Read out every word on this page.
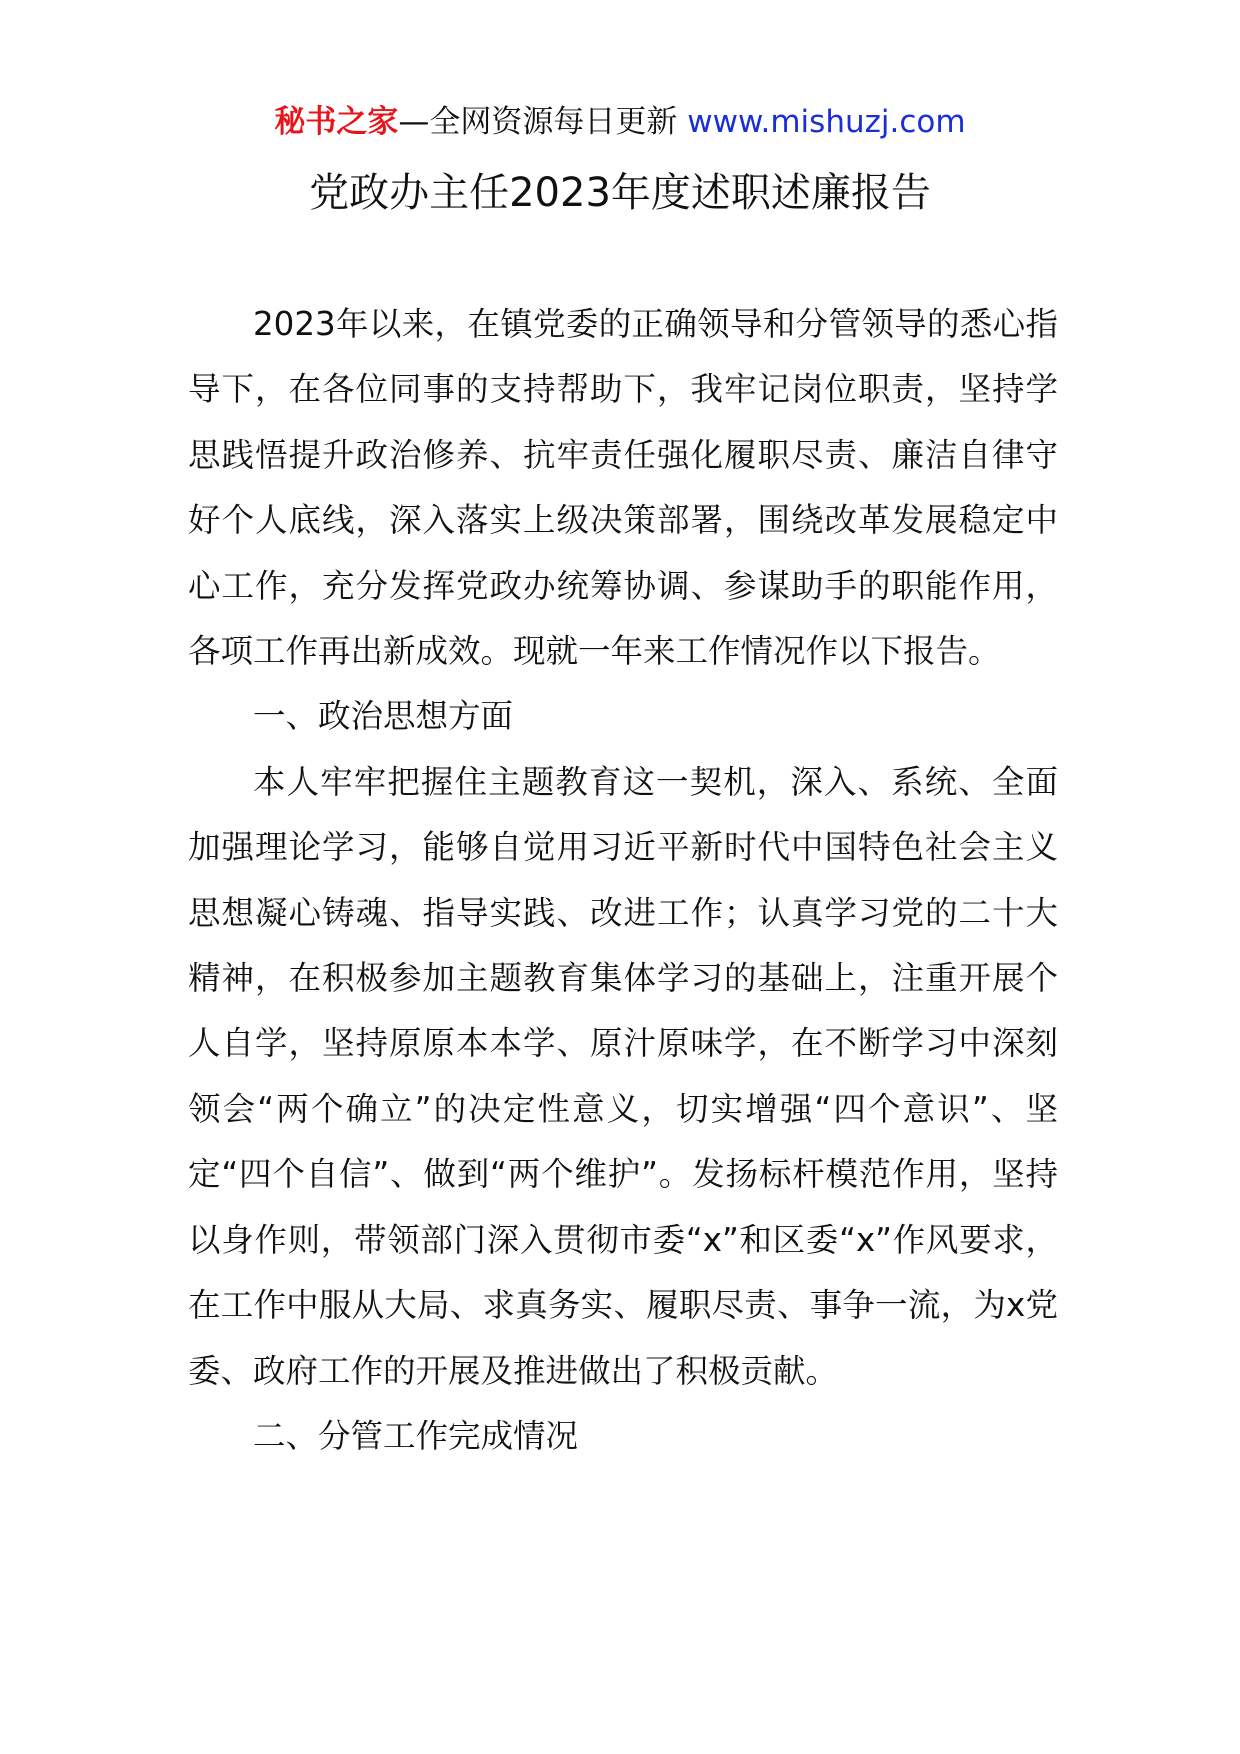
秘书之家—全网资源每日更新 www.mishuzj.com
党政办主任2023年度述职述廉报告

2023年以来，在镇党委的正确领导和分管领导的悉心指导下，在各位同事的支持帮助下，我牢记岗位职责，坚持学思践悟提升政治修养、抗牢责任强化履职尽责、廉洁自律守好个人底线，深入落实上级决策部署，围绕改革发展稳定中心工作，充分发挥党政办统筹协调、参谋助手的职能作用，各项工作再出新成效。现就一年来工作情况作以下报告。

一、政治思想方面

本人牢牢把握住主题教育这一契机，深入、系统、全面加强理论学习，能够自觉用习近平新时代中国特色社会主义思想凝心铸魂、指导实践、改进工作；认真学习党的二十大精神，在积极参加主题教育集体学习的基础上，注重开展个人自学，坚持原原本本学、原汁原味学，在不断学习中深刻领会“两个确立”的决定性意义，切实增强“四个意识”、坚定“四个自信”、做到“两个维护”。发扬标杆模范作用，坚持以身作则，带领部门深入贯彻市委“x”和区委“x”作风要求，在工作中服从大局、求真务实、履职尽责、事争一流，为x党委、政府工作的开展及推进做出了积极贡献。

二、分管工作完成情况
